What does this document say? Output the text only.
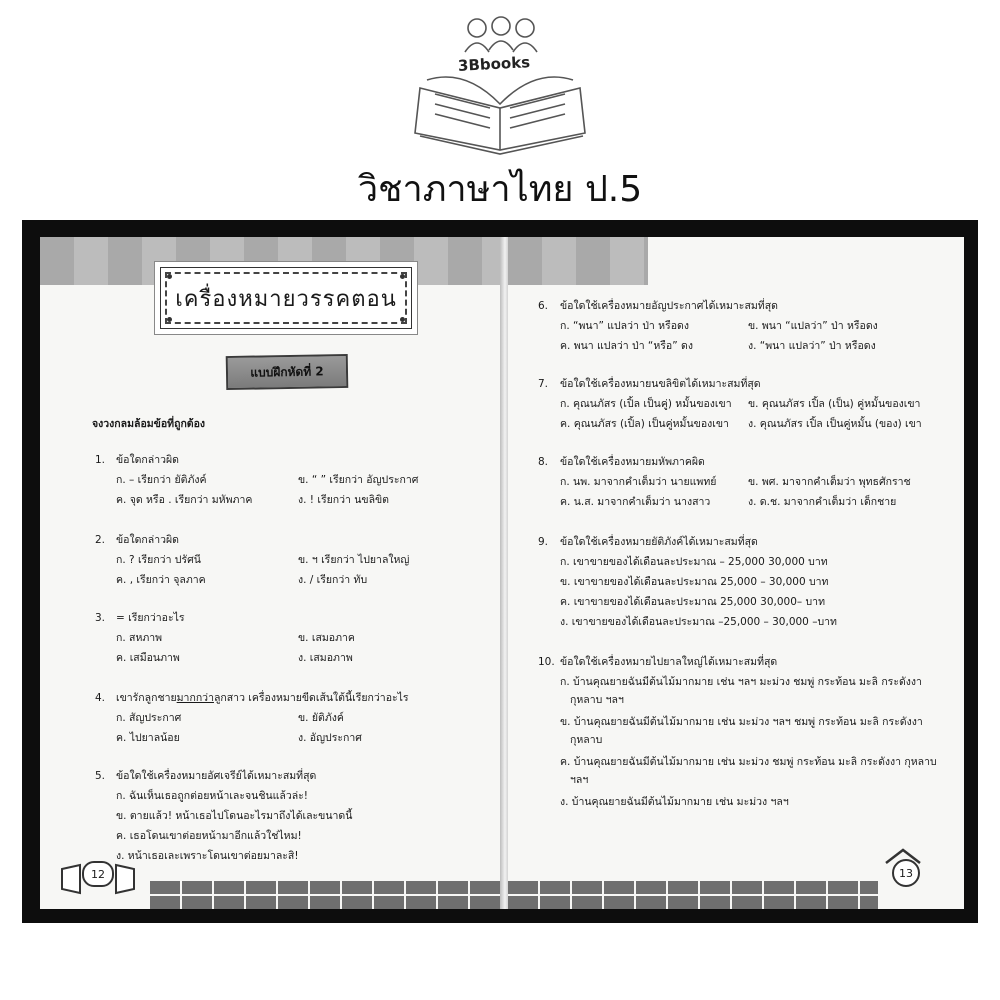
3Bbooks
วิชาภาษาไทย ป.5
เครื่องหมายวรรคตอน
แบบฝึกหัดที่ 2
จงวงกลมล้อมข้อที่ถูกต้อง
1. ข้อใดกล่าวผิด
ก. – เรียกว่า ยัติภังค์	ข. “ ” เรียกว่า อัญประกาศ
ค. จุด หรือ . เรียกว่า มหัพภาค	ง. ! เรียกว่า นขลิขิต
2. ข้อใดกล่าวผิด
ก. ? เรียกว่า ปรัศนี	ข. ฯ เรียกว่า ไปยาลใหญ่
ค. , เรียกว่า จุลภาค	ง. / เรียกว่า ทับ
3. = เรียกว่าอะไร
ก. สหภาพ	ข. เสมอภาค
ค. เสมือนภาพ	ง. เสมอภาพ
4. เขารักลูกชายมากกว่าลูกสาว เครื่องหมายขีดเส้นใต้นี้เรียกว่าอะไร
ก. สัญประกาศ	ข. ยัติภังค์
ค. ไปยาลน้อย	ง. อัญประกาศ
5. ข้อใดใช้เครื่องหมายอัศเจรีย์ได้เหมาะสมที่สุด
ก. ฉันเห็นเธอถูกต่อยหน้าเละจนชินแล้วล่ะ!
ข. ตายแล้ว! หน้าเธอไปโดนอะไรมาถึงได้เละขนาดนี้
ค. เธอโดนเขาต่อยหน้ามาอีกแล้วใช่ไหม!
ง. หน้าเธอเละเพราะโดนเขาต่อยมาละสิ!
12
6. ข้อใดใช้เครื่องหมายอัญประกาศได้เหมาะสมที่สุด
ก. “พนา” แปลว่า ป่า หรือดง	ข. พนา “แปลว่า” ป่า หรือดง
ค. พนา แปลว่า ป่า “หรือ” ดง	ง. “พนา แปลว่า” ป่า หรือดง
7. ข้อใดใช้เครื่องหมายนขลิขิตได้เหมาะสมที่สุด
ก. คุณนภัสร (เปิ้ล เป็นคู่) หมั้นของเขา ข. คุณนภัสร เปิ้ล (เป็น) คู่หมั้นของเขา
ค. คุณนภัสร (เปิ้ล) เป็นคู่หมั้นของเขา ง. คุณนภัสร เปิ้ล เป็นคู่หมั้น (ของ) เขา
8. ข้อใดใช้เครื่องหมายมหัพภาคผิด
ก. นพ. มาจากคำเต็มว่า นายแพทย์	ข. พศ. มาจากคำเต็มว่า พุทธศักราช
ค. น.ส. มาจากคำเต็มว่า นางสาว	ง. ด.ช. มาจากคำเต็มว่า เด็กชาย
9. ข้อใดใช้เครื่องหมายยัติภังค์ได้เหมาะสมที่สุด
ก. เขาขายของได้เดือนละประมาณ – 25,000 30,000 บาท
ข. เขาขายของได้เดือนละประมาณ 25,000 – 30,000 บาท
ค. เขาขายของได้เดือนละประมาณ 25,000 30,000– บาท
ง. เขาขายของได้เดือนละประมาณ –25,000 – 30,000 –บาท
10. ข้อใดใช้เครื่องหมายไปยาลใหญ่ได้เหมาะสมที่สุด
ก. บ้านคุณยายฉันมีต้นไม้มากมาย เช่น ฯลฯ มะม่วง ชมพู่ กระท้อน มะลิ กระดังงา
กุหลาบ ฯลฯ
ข. บ้านคุณยายฉันมีต้นไม้มากมาย เช่น มะม่วง ฯลฯ ชมพู่ กระท้อน มะลิ กระดังงา
กุหลาบ
ค. บ้านคุณยายฉันมีต้นไม้มากมาย เช่น มะม่วง ชมพู่ กระท้อน มะลิ กระดังงา กุหลาบ
ฯลฯ
ง. บ้านคุณยายฉันมีต้นไม้มากมาย เช่น มะม่วง ฯลฯ
13
